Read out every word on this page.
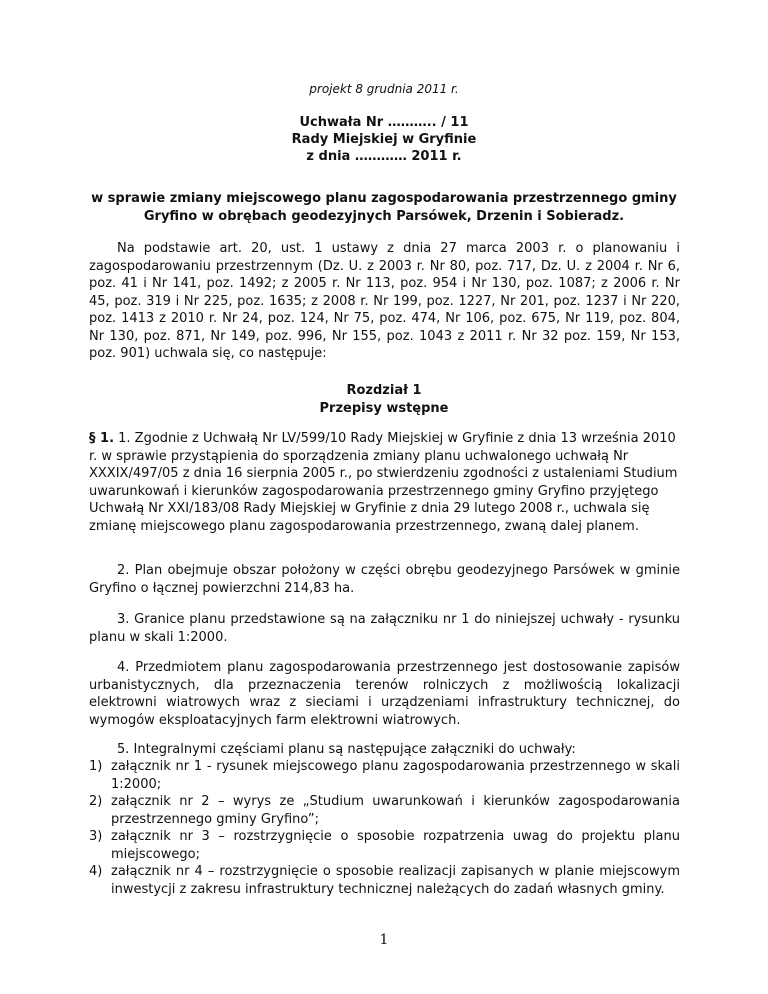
projekt 8 grudnia 2011 r.
Uchwała Nr ……….. / 11
Rady Miejskiej w Gryfinie
z dnia ………… 2011 r.
w sprawie zmiany miejscowego planu zagospodarowania przestrzennego gminy Gryfino w obrębach geodezyjnych Parsówek, Drzenin i Sobieradz.
Na podstawie art. 20, ust. 1 ustawy z dnia 27 marca 2003 r. o planowaniu i zagospodarowaniu przestrzennym (Dz. U. z 2003 r. Nr 80, poz. 717, Dz. U. z 2004 r. Nr 6, poz. 41 i Nr 141, poz. 1492; z 2005 r. Nr 113, poz. 954 i Nr 130, poz. 1087; z 2006 r. Nr 45, poz. 319 i Nr 225, poz. 1635; z 2008 r. Nr 199, poz. 1227, Nr 201, poz. 1237 i Nr 220, poz. 1413 z 2010 r. Nr 24, poz. 124, Nr 75, poz. 474, Nr 106, poz. 675, Nr 119, poz. 804, Nr 130, poz. 871, Nr 149, poz. 996, Nr 155, poz. 1043 z 2011 r. Nr 32 poz. 159, Nr 153, poz. 901) uchwala się, co następuje:
Rozdział 1
Przepisy wstępne
§ 1. 1. Zgodnie z Uchwałą Nr LV/599/10 Rady Miejskiej w Gryfinie z dnia 13 września 2010 r. w sprawie przystąpienia do sporządzenia zmiany planu uchwalonego uchwałą Nr XXXIX/497/05 z dnia 16 sierpnia 2005 r., po stwierdzeniu zgodności z ustaleniami Studium uwarunkowań i kierunków zagospodarowania przestrzennego gminy Gryfino przyjętego Uchwałą Nr XXI/183/08 Rady Miejskiej w Gryfinie z dnia 29 lutego 2008 r., uchwala się zmianę miejscowego planu zagospodarowania przestrzennego, zwaną dalej planem.
2. Plan obejmuje obszar położony w części obrębu geodezyjnego Parsówek w gminie Gryfino o łącznej powierzchni 214,83 ha.
3. Granice planu przedstawione są na załączniku nr 1 do niniejszej uchwały - rysunku planu w skali 1:2000.
4. Przedmiotem planu zagospodarowania przestrzennego jest dostosowanie zapisów urbanistycznych, dla przeznaczenia terenów rolniczych z możliwością lokalizacji elektrowni wiatrowych wraz z sieciami i urządzeniami infrastruktury technicznej, do wymogów eksploatacyjnych farm elektrowni wiatrowych.
5. Integralnymi częściami planu są następujące załączniki do uchwały:
1) załącznik nr 1 - rysunek miejscowego planu zagospodarowania przestrzennego w skali 1:2000;
2) załącznik nr 2 – wyrys ze „Studium uwarunkowań i kierunków zagospodarowania przestrzennego gminy Gryfino”;
3) załącznik nr 3 – rozstrzygnięcie o sposobie rozpatrzenia uwag do projektu planu miejscowego;
4) załącznik nr 4 – rozstrzygnięcie o sposobie realizacji zapisanych w planie miejscowym inwestycji z zakresu infrastruktury technicznej należących do zadań własnych gminy.
1
